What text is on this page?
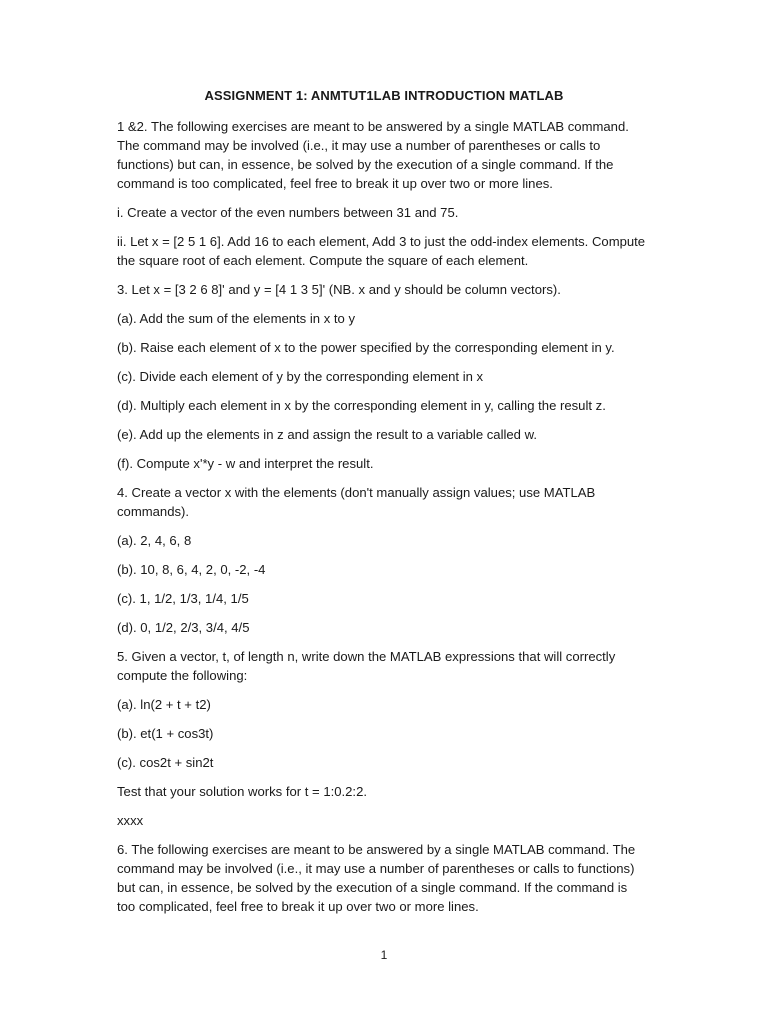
ASSIGNMENT 1: ANMTUT1LAB INTRODUCTION MATLAB

1 &2. The following exercises are meant to be answered by a single MATLAB command. The command may be involved (i.e., it may use a number of parentheses or calls to functions) but can, in essence, be solved by the execution of a single command. If the command is too complicated, feel free to break it up over two or more lines.

i. Create a vector of the even numbers between 31 and 75.

ii. Let x = [2 5 1 6]. Add 16 to each element, Add 3 to just the odd-index elements. Compute the square root of each element. Compute the square of each element.

3. Let x = [3 2 6 8]' and y = [4 1 3 5]' (NB. x and y should be column vectors).

(a). Add the sum of the elements in x to y

(b). Raise each element of x to the power specified by the corresponding element in y.

(c). Divide each element of y by the corresponding element in x

(d). Multiply each element in x by the corresponding element in y, calling the result z.

(e). Add up the elements in z and assign the result to a variable called w.

(f). Compute x'*y - w and interpret the result.

4. Create a vector x with the elements (don't manually assign values; use MATLAB commands).

(a). 2, 4, 6, 8

(b). 10, 8, 6, 4, 2, 0, -2, -4

(c). 1, 1/2, 1/3, 1/4, 1/5

(d). 0, 1/2, 2/3, 3/4, 4/5

5. Given a vector, t, of length n, write down the MATLAB expressions that will correctly compute the following:

(a). ln(2 + t + t2)

(b). et(1 + cos3t)

(c). cos2t + sin2t

Test that your solution works for t = 1:0.2:2.

xxxx

6. The following exercises are meant to be answered by a single MATLAB command. The command may be involved (i.e., it may use a number of parentheses or calls to functions) but can, in essence, be solved by the execution of a single command. If the command is too complicated, feel free to break it up over two or more lines.

1
